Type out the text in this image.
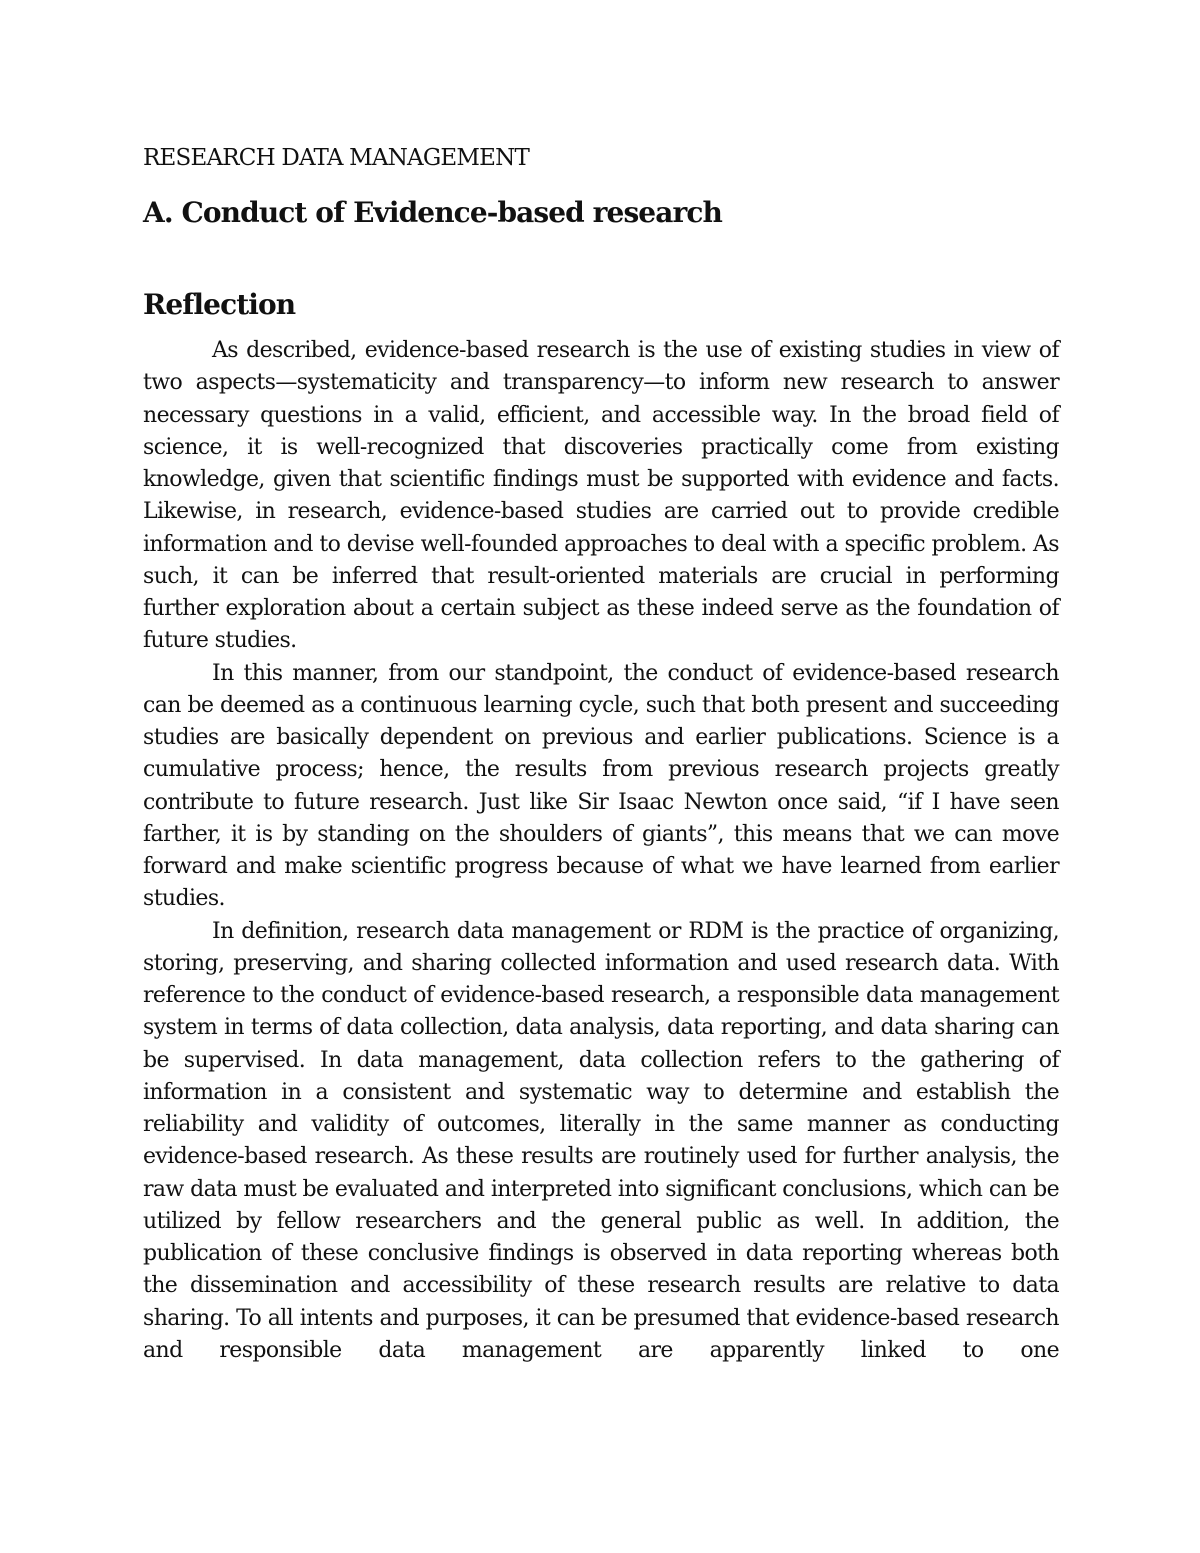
RESEARCH DATA MANAGEMENT

A. Conduct of Evidence-based research
Reflection

As described, evidence-based research is the use of existing studies in view of two aspects—systematicity and transparency—to inform new research to answer necessary questions in a valid, efficient, and accessible way. In the broad field of science, it is well-recognized that discoveries practically come from existing knowledge, given that scientific findings must be supported with evidence and facts. Likewise, in research, evidence-based studies are carried out to provide credible information and to devise well-founded approaches to deal with a specific problem. As such, it can be inferred that result-oriented materials are crucial in performing further exploration about a certain subject as these indeed serve as the foundation of future studies.

In this manner, from our standpoint, the conduct of evidence-based research can be deemed as a continuous learning cycle, such that both present and succeeding studies are basically dependent on previous and earlier publications. Science is a cumulative process; hence, the results from previous research projects greatly contribute to future research. Just like Sir Isaac Newton once said, “if I have seen farther, it is by standing on the shoulders of giants”, this means that we can move forward and make scientific progress because of what we have learned from earlier studies.

In definition, research data management or RDM is the practice of organizing, storing, preserving, and sharing collected information and used research data. With reference to the conduct of evidence-based research, a responsible data management system in terms of data collection, data analysis, data reporting, and data sharing can be supervised. In data management, data collection refers to the gathering of information in a consistent and systematic way to determine and establish the reliability and validity of outcomes, literally in the same manner as conducting evidence-based research. As these results are routinely used for further analysis, the raw data must be evaluated and interpreted into significant conclusions, which can be utilized by fellow researchers and the general public as well. In addition, the publication of these conclusive findings is observed in data reporting whereas both the dissemination and accessibility of these research results are relative to data sharing. To all intents and purposes, it can be presumed that evidence-based research and responsible data management are apparently linked to one
